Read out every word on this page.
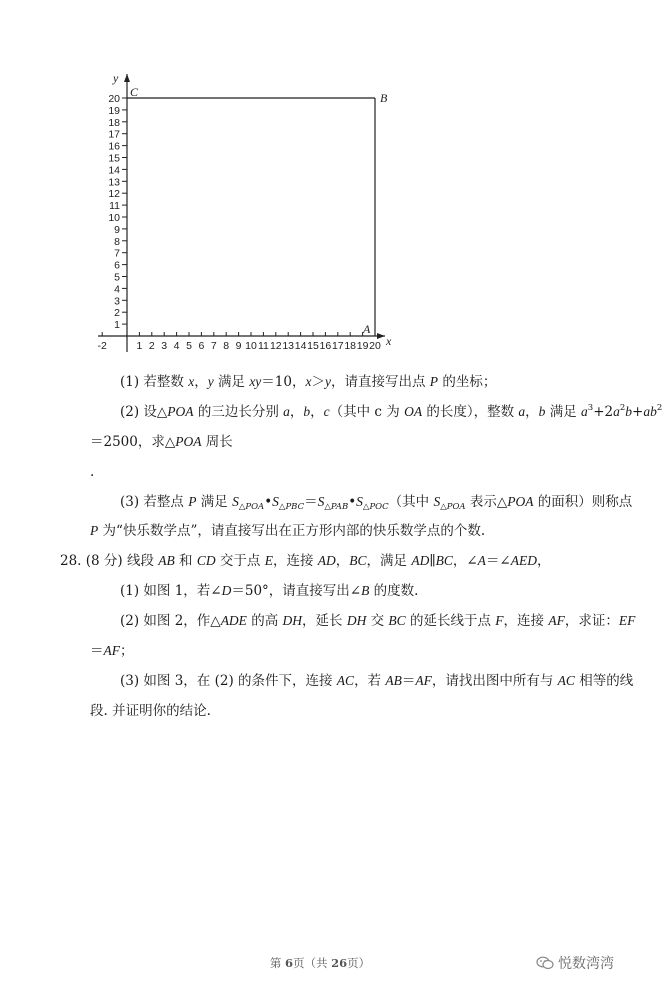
x
y
1
2
3
4
5
6
7
8
9
10
11
12
13
14
15
16
17
18
19
20
-2	1 2 3 4 5 6 7 8 9 10 11 12 13 14 15 16 17 18 19 20
C	B
A
(1) 若整数 x，y 满足 xy＝10，x＞y，请直接写出点 P 的坐标；
(2) 设△POA 的三边长分别 a，b，c（其中 c 为 OA 的长度），整数 a，b 满足 $a^3+2a^2b+ab^2$
＝2500，求△POA 周长
.
(3) 若整点 P 满足 $S_{\triangle POA}•S_{\triangle PBC}=S_{\triangle PAB}•S_{\triangle POC}$（其中 $S_{\triangle POA}$ 表示△POA 的面积）则称点
P 为“快乐数学点”，请直接写出在正方形内部的快乐数学点的个数.
28. (8 分) 线段 AB 和 CD 交于点 E，连接 AD，BC，满足 AD∥BC，∠A＝∠AED，
(1) 如图 1，若∠D＝50°，请直接写出∠B 的度数.
(2) 如图 2，作△ADE 的高 DH，延长 DH 交 BC 的延长线于点 F，连接 AF，求证：EF
＝AF；
(3) 如图 3，在 (2) 的条件下，连接 AC，若 AB＝AF，请找出图中所有与 AC 相等的线
段. 并证明你的结论.
第 6页（共 26页）	悦数湾湾
